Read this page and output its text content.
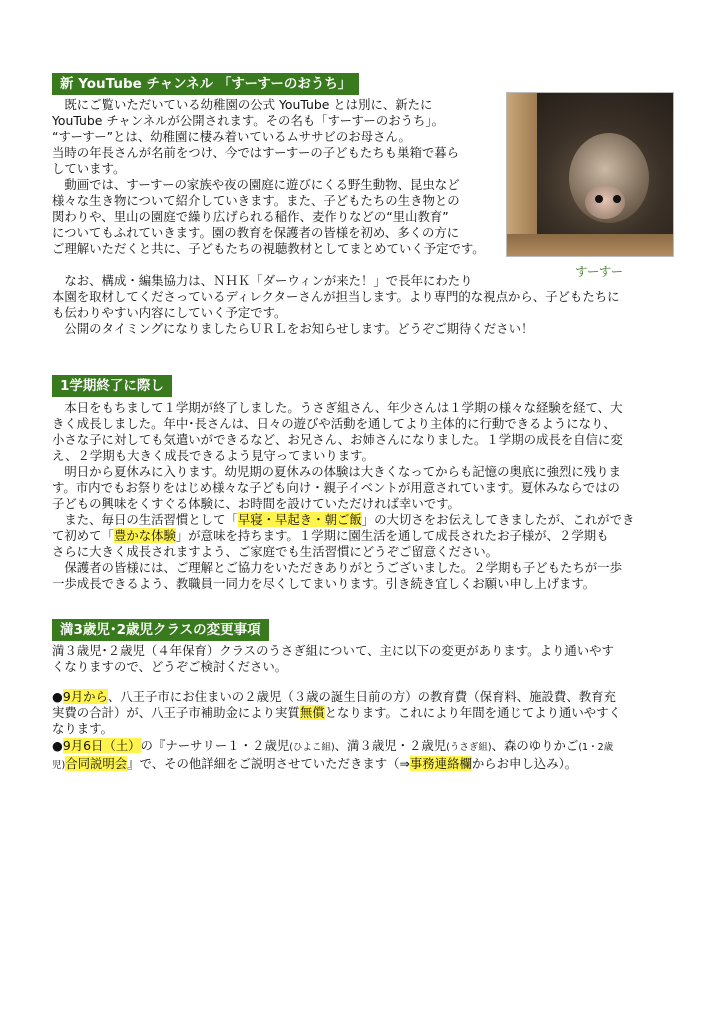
新 YouTube チャンネル 「すーすーのおうち」

　既にご覧いただいている幼稚園の公式 YouTube とは別に、新たに

YouTube チャンネルが公開されます。その名も「すーすーのおうち」。

“すーすー”とは、幼稚園に棲み着いているムササビのお母さん。

当時の年長さんが名前をつけ、今ではすーすーの子どもたちも巣箱で暮ら

しています。

　動画では、すーすーの家族や夜の園庭に遊びにくる野生動物、昆虫など

様々な生き物について紹介していきます。また、子どもたちの生き物との

関わりや、里山の園庭で繰り広げられる稲作、麦作りなどの“里山教育”

についてもふれていきます。園の教育を保護者の皆様を初め、多くの方に

ご理解いただくと共に、子どもたちの視聴教材としてまとめていく予定です。

すーすー

　なお、構成・編集協力は、ＮＨＫ「ダーウィンが来た！」で長年にわたり

本園を取材してくださっているディレクターさんが担当します。より専門的な視点から、子どもたちに

も伝わりやすい内容にしていく予定です。

　公開のタイミングになりましたらＵＲＬをお知らせします。どうぞご期待ください！

1学期終了に際し

　本日をもちまして１学期が終了しました。うさぎ組さん、年少さんは１学期の様々な経験を経て、大

きく成長しました。年中･長さんは、日々の遊びや活動を通してより主体的に行動できるようになり、

小さな子に対しても気遣いができるなど、お兄さん、お姉さんになりました。１学期の成長を自信に変

え、２学期も大きく成長できるよう見守ってまいります。

　明日から夏休みに入ります。幼児期の夏休みの体験は大きくなってからも記憶の奥底に強烈に残りま

す。市内でもお祭りをはじめ様々な子ども向け・親子イベントが用意されています。夏休みならではの

子どもの興味をくすぐる体験に、お時間を設けていただければ幸いです。

　また、毎日の生活習慣として「早寝・早起き・朝ご飯」の大切さをお伝えしてきましたが、これができ

て初めて「豊かな体験」が意味を持ちます。１学期に園生活を通して成長されたお子様が、２学期も

さらに大きく成長されますよう、ご家庭でも生活習慣にどうぞご留意ください。

　保護者の皆様には、ご理解とご協力をいただきありがとうございました。２学期も子どもたちが一歩

一歩成長できるよう、教職員一同力を尽くしてまいります。引き続き宜しくお願い申し上げます。

満3歳児･2歳児クラスの変更事項

満３歳児･２歳児（４年保育）クラスのうさぎ組について、主に以下の変更があります。より通いやす

くなりますので、どうぞご検討ください。

●9月から、八王子市にお住まいの２歳児（３歳の誕生日前の方）の教育費（保育料、施設費、教育充
実費の合計）が、八王子市補助金により実質無償となります。これにより年間を通じてより通いやすく
なります。
●9月6日（土）の『ナーサリー１・２歳児(ひよこ組)、満３歳児・２歳児(うさぎ組)、森のゆりかご(1・2歳
児)合同説明会』で、その他詳細をご説明させていただきます（⇒事務連絡欄からお申し込み）。
